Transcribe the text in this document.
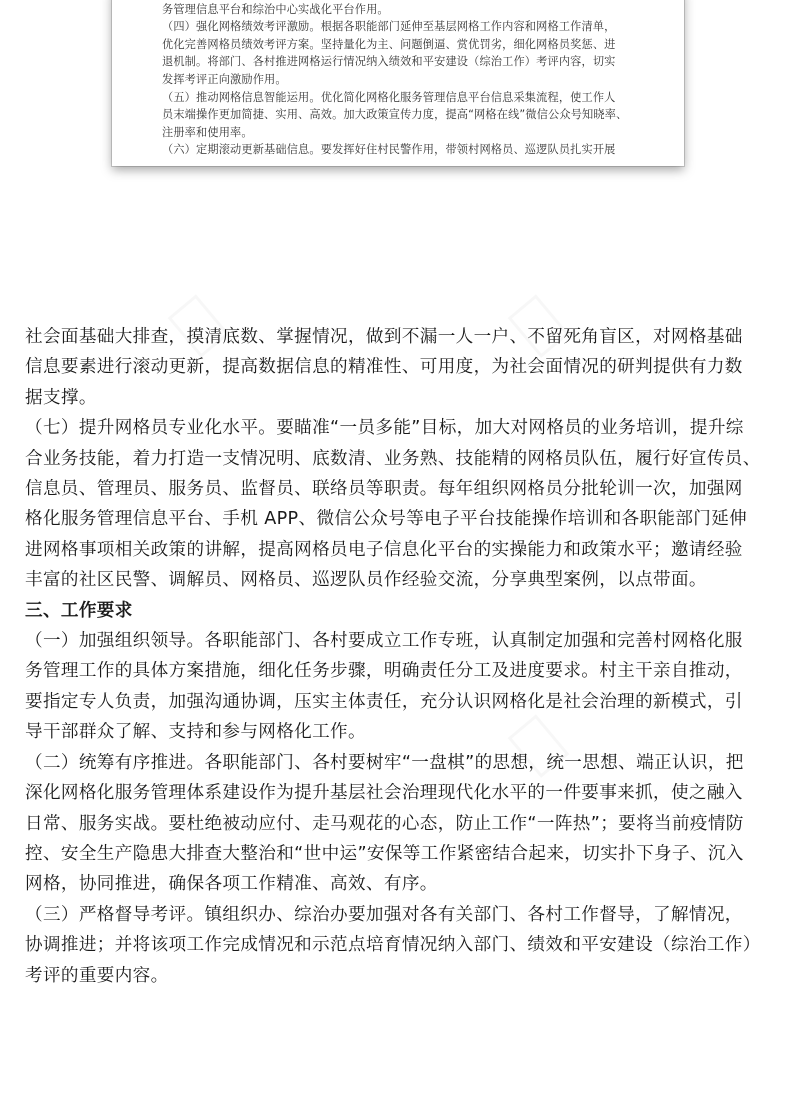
务管理信息平台和综治中心实战化平台作用。

（四）强化网格绩效考评激励。根据各职能部门延伸至基层网格工作内容和网格工作清单，

优化完善网格员绩效考评方案。坚持量化为主、问题倒逼、赏优罚劣，细化网格员奖惩、进

退机制。将部门、各村推进网格运行情况纳入绩效和平安建设（综治工作）考评内容，切实

发挥考评正向激励作用。

（五）推动网格信息智能运用。优化简化网格化服务管理信息平台信息采集流程，使工作人

员末端操作更加简捷、实用、高效。加大政策宣传力度，提高“网格在线”微信公众号知晓率、

注册率和使用率。

（六）定期滚动更新基础信息。要发挥好住村民警作用，带领村网格员、巡逻队员扎实开展

社会面基础大排查，摸清底数、掌握情况，做到不漏一人一户、不留死角盲区，对网格基础

信息要素进行滚动更新，提高数据信息的精准性、可用度，为社会面情况的研判提供有力数

据支撑。

（七）提升网格员专业化水平。要瞄准“一员多能”目标，加大对网格员的业务培训，提升综

合业务技能，着力打造一支情况明、底数清、业务熟、技能精的网格员队伍，履行好宣传员、

信息员、管理员、服务员、监督员、联络员等职责。每年组织网格员分批轮训一次，加强网

格化服务管理信息平台、手机 APP、微信公众号等电子平台技能操作培训和各职能部门延伸

进网格事项相关政策的讲解，提高网格员电子信息化平台的实操能力和政策水平；邀请经验

丰富的社区民警、调解员、网格员、巡逻队员作经验交流，分享典型案例，以点带面。

三、工作要求

（一）加强组织领导。各职能部门、各村要成立工作专班，认真制定加强和完善村网格化服

务管理工作的具体方案措施，细化任务步骤，明确责任分工及进度要求。村主干亲自推动，

要指定专人负责，加强沟通协调，压实主体责任，充分认识网格化是社会治理的新模式，引

导干部群众了解、支持和参与网格化工作。

（二）统筹有序推进。各职能部门、各村要树牢“一盘棋”的思想，统一思想、端正认识，把

深化网格化服务管理体系建设作为提升基层社会治理现代化水平的一件要事来抓，使之融入

日常、服务实战。要杜绝被动应付、走马观花的心态，防止工作“一阵热”；要将当前疫情防

控、安全生产隐患大排查大整治和“世中运”安保等工作紧密结合起来，切实扑下身子、沉入

网格，协同推进，确保各项工作精准、高效、有序。

（三）严格督导考评。镇组织办、综治办要加强对各有关部门、各村工作督导，了解情况，

协调推进；并将该项工作完成情况和示范点培育情况纳入部门、绩效和平安建设（综治工作）

考评的重要内容。
